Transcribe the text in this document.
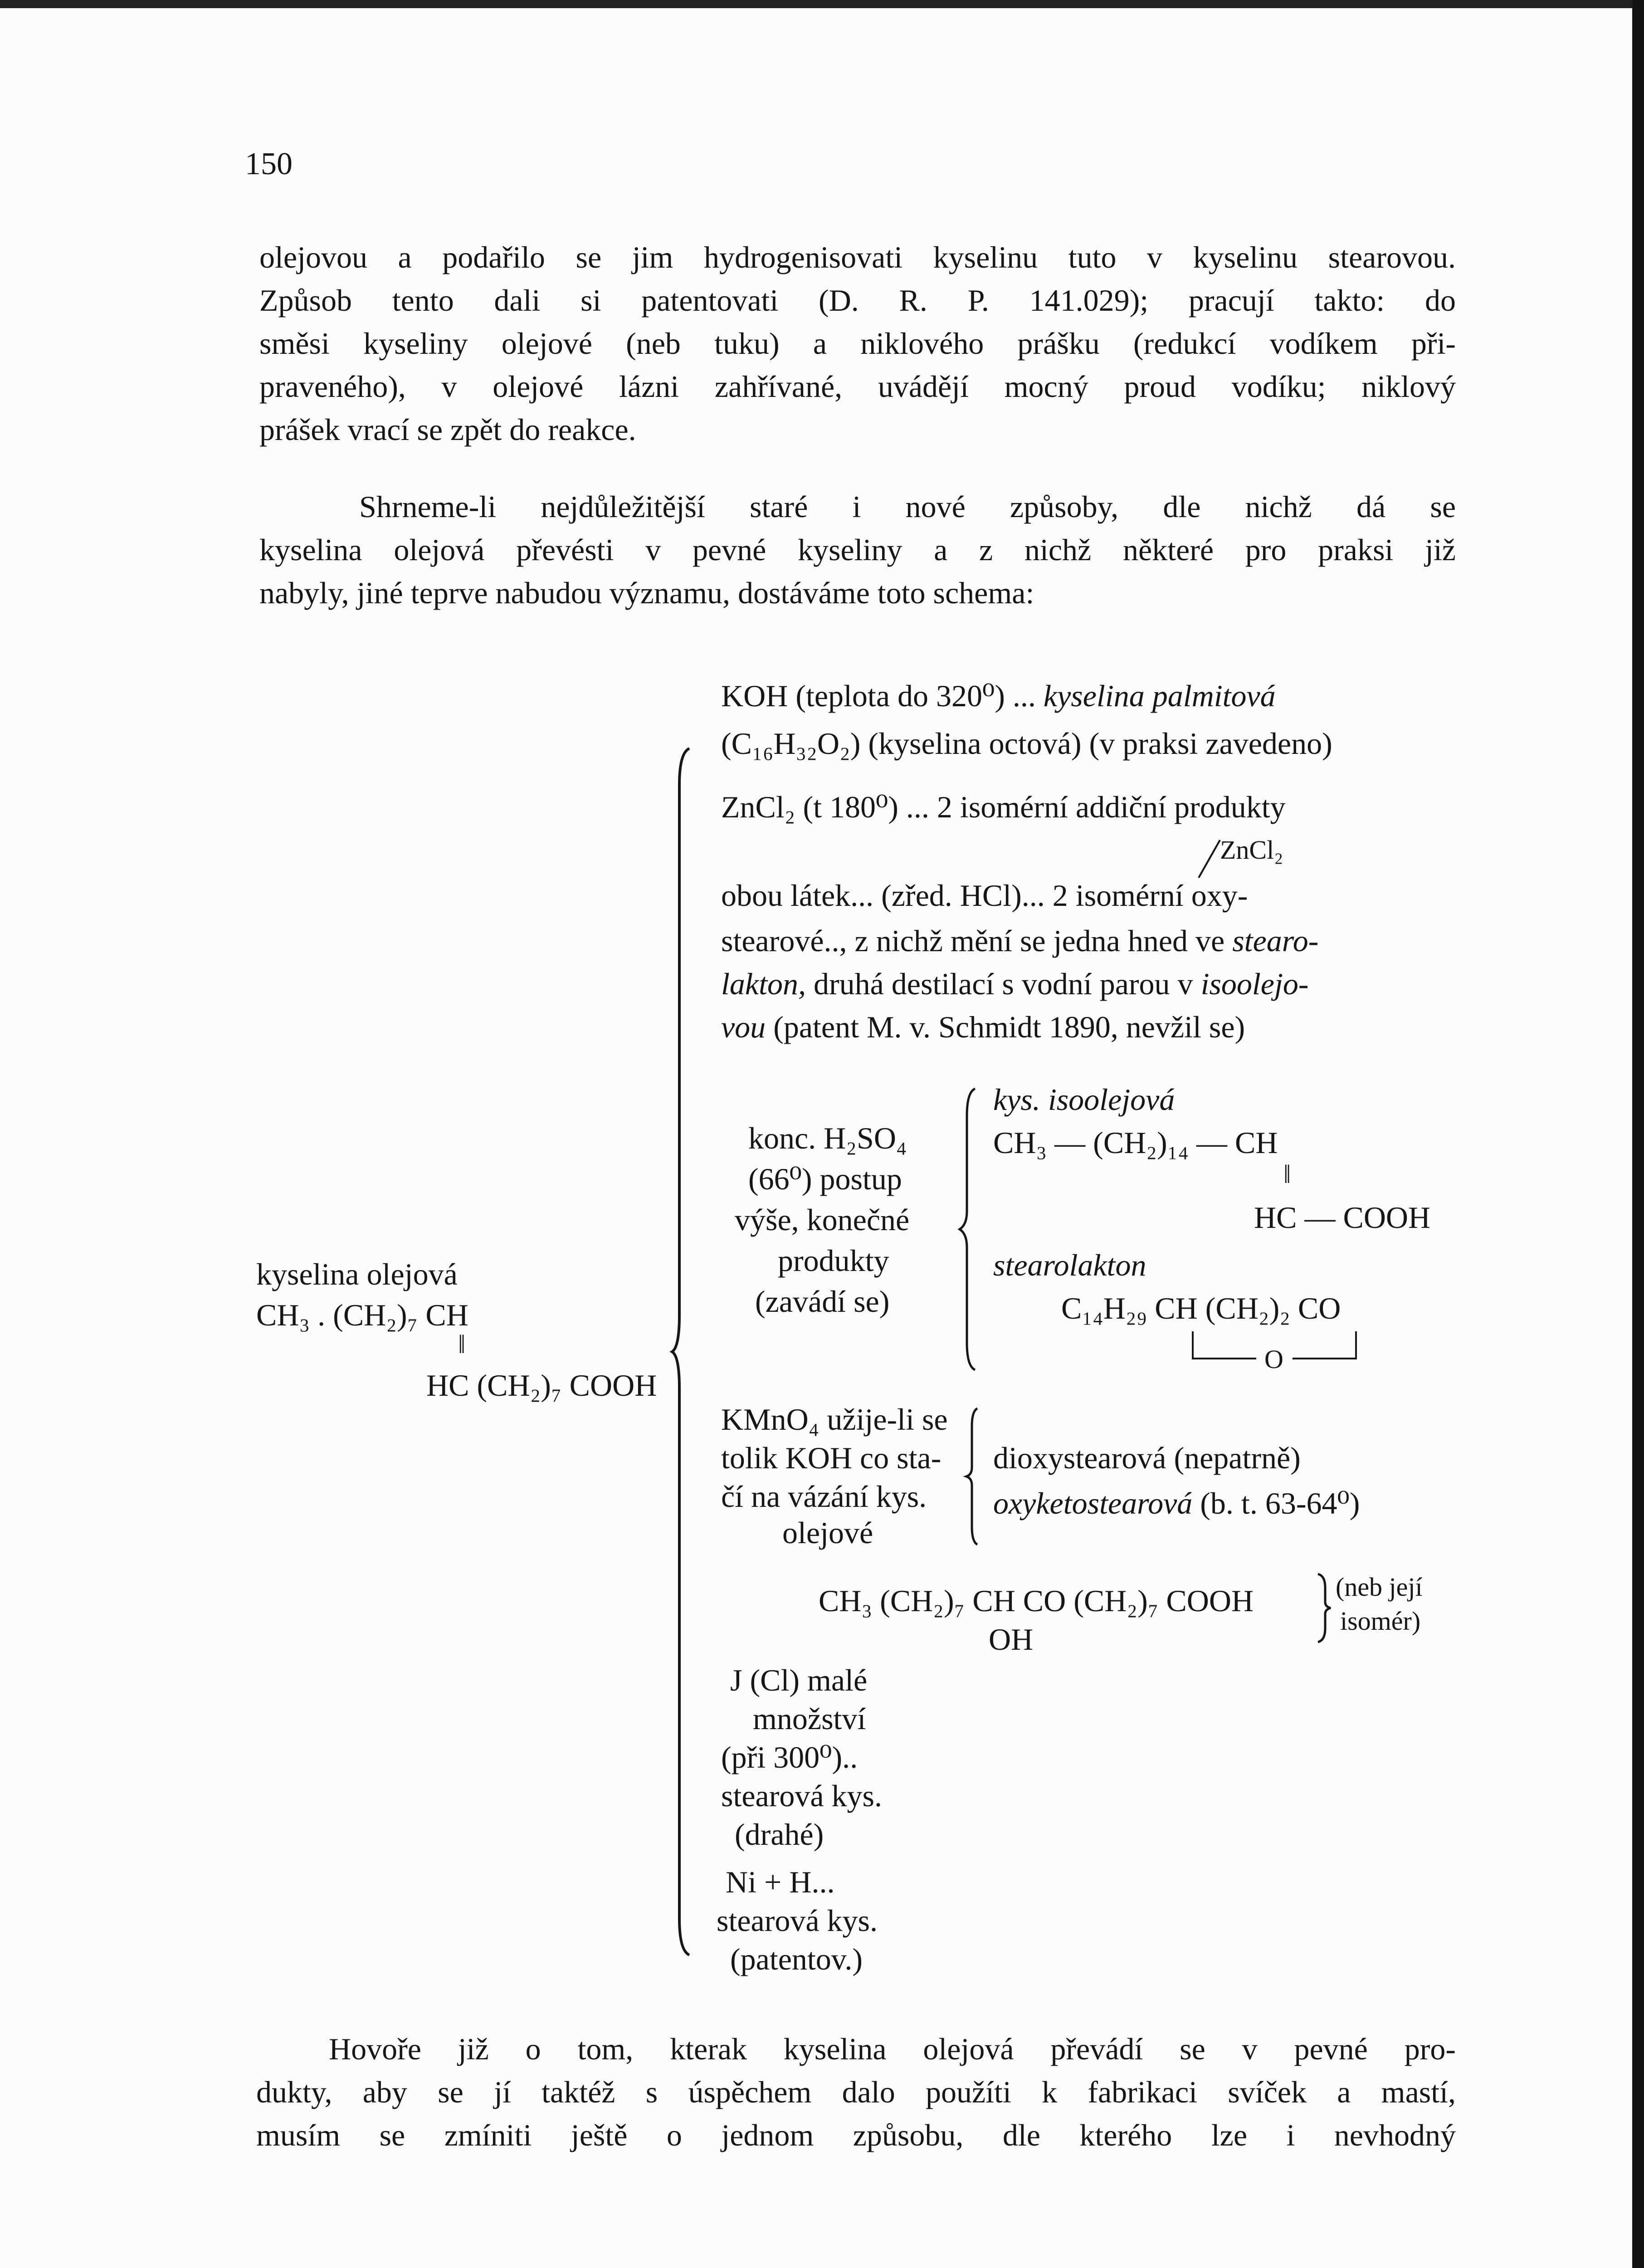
150
olejovou a podařilo se jim hydrogenisovati kyselinu tuto v kyselinu stearovou.
Způsob tento dali si patentovati (D. R. P. 141.029); pracují takto: do
směsi kyseliny olejové (neb tuku) a niklového prášku (redukcí vodíkem při-
praveného), v olejové lázni zahřívané, uvádějí mocný proud vodíku; niklový
prášek vrací se zpět do reakce.
Shrneme-li nejdůležitější staré i nové způsoby, dle nichž dá se
kyselina olejová převésti v pevné kyseliny a z nichž některé pro praksi již
nabyly, jiné teprve nabudou významu, dostáváme toto schema:
kyselina olejová
CH₃ . (CH₂)₇ CH
‖
HC (CH₂)₇ COOH
KOH (teplota do 320⁰) ... kyselina palmitová
(C₁₆H₃₂O₂) (kyselina octová) (v praksi zavedeno)
ZnCl₂ (t 180⁰) ... 2 isomérní addiční produkty
ZnCl₂
obou látek... (zřed. HCl)... 2 isomérní oxy-
stearové.., z nichž mění se jedna hned ve stearo-
lakton, druhá destilací s vodní parou v isoolejo-
vou (patent M. v. Schmidt 1890, nevžil se)
konc. H₂SO₄
(66⁰) postup
výše, konečné
produkty
(zavádí se)
kys. isoolejová
CH₃ — (CH₂)₁₄ — CH
‖
HC — COOH
stearolakton
C₁₄H₂₉ CH (CH₂)₂ CO
O
KMnO₄ užije-li se
tolik KOH co sta-
čí na vázání kys.
olejové
dioxystearová (nepatrně)
oxyketostearová (b. t. 63-64⁰)
CH₃ (CH₂)₇ CH CO (CH₂)₇ COOH
OH
(neb její
isomér)
J (Cl) malé
množství
(při 300⁰)..
stearová kys.
(drahé)
Ni + H...
stearová kys.
(patentov.)
Hovoře již o tom, kterak kyselina olejová převádí se v pevné pro-
dukty, aby se jí taktéž s úspěchem dalo použíti k fabrikaci svíček a mastí,
musím se zmíniti ještě o jednom způsobu, dle kterého lze i nevhodný
